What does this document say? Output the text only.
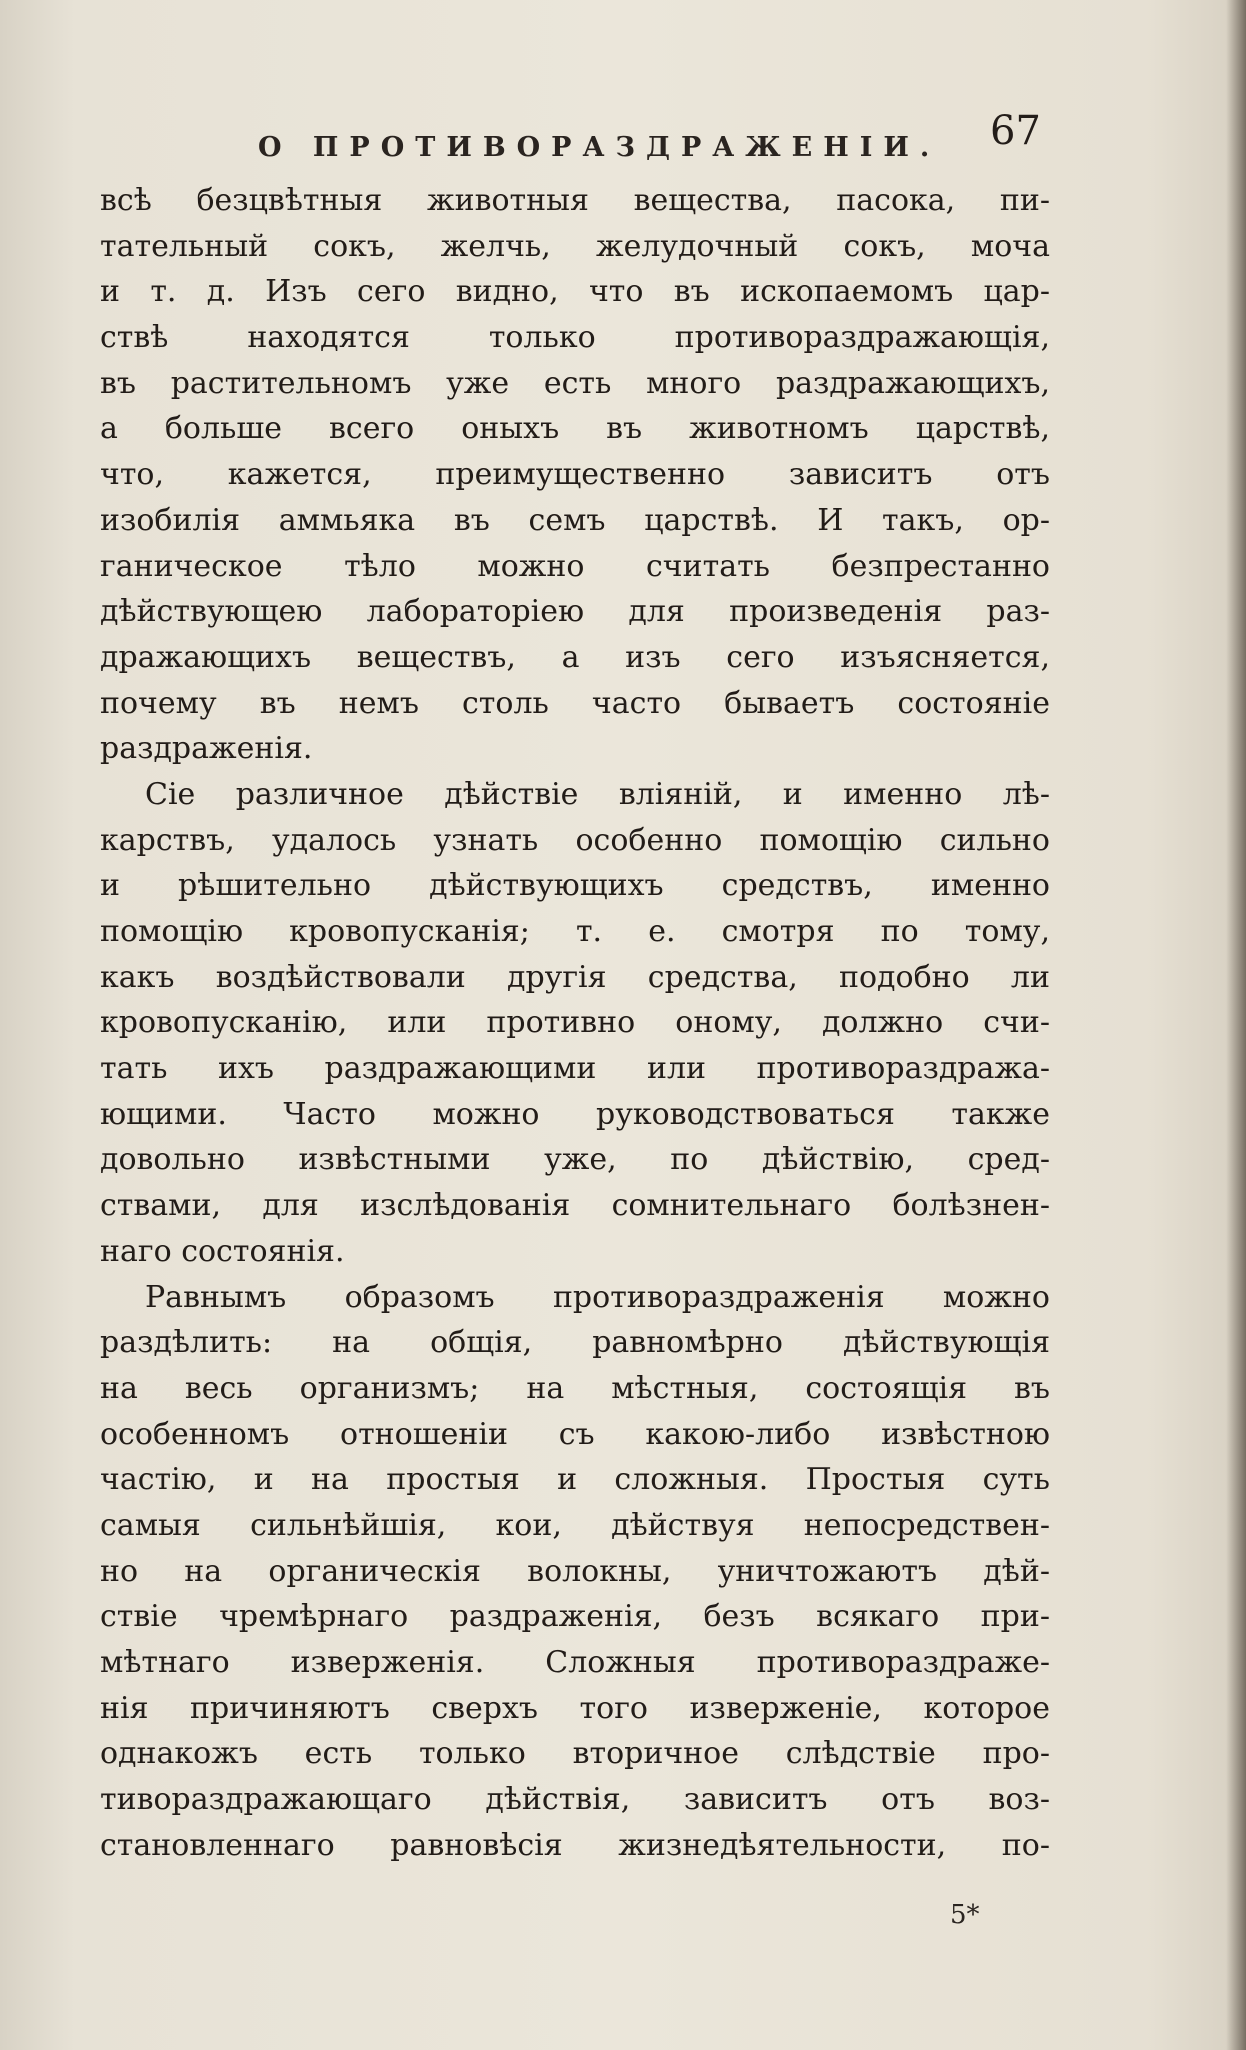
О ПРОТИВОРАЗДРАЖЕНІИ. 67
всѣ безцвѣтныя животныя вещества, пасока, пи-
тательный сокъ, желчь, желудочный сокъ, моча
и т. д. Изъ сего видно, что въ ископаемомъ цар-
ствѣ находятся только противораздражающія,
въ растительномъ уже есть много раздражающихъ,
а больше всего оныхъ въ животномъ царствѣ,
что, кажется, преимущественно зависитъ отъ
изобилія аммьяка въ семъ царствѣ. И такъ, ор-
ганическое тѣло можно считать безпрестанно
дѣйствующею лабораторіею для произведенія раз-
дражающихъ веществъ, а изъ сего изъясняется,
почему въ немъ столь часто бываетъ состояніе
раздраженія.
Сіе различное дѣйствіе вліяній, и именно лѣ-
карствъ, удалось узнать особенно помощію сильно
и рѣшительно дѣйствующихъ средствъ, именно
помощію кровопусканія; т. е. смотря по тому,
какъ воздѣйствовали другія средства, подобно ли
кровопусканію, или противно оному, должно счи-
тать ихъ раздражающими или противораздража-
ющими. Часто можно руководствоваться также
довольно извѣстными уже, по дѣйствію, сред-
ствами, для изслѣдованія сомнительнаго болѣзнен-
наго состоянія.
Равнымъ образомъ противораздраженія можно
раздѣлить: на общія, равномѣрно дѣйствующія
на весь организмъ; на мѣстныя, состоящія въ
особенномъ отношеніи съ какою-либо извѣстною
частію, и на простыя и сложныя. Простыя суть
самыя сильнѣйшія, кои, дѣйствуя непосредствен-
но на органическія волокны, уничтожаютъ дѣй-
ствіе чремѣрнаго раздраженія, безъ всякаго при-
мѣтнаго изверженія. Сложныя противораздраже-
нія причиняютъ сверхъ того изверженіе, которое
однакожъ есть только вторичное слѣдствіе про-
тивораздражающаго дѣйствія, зависитъ отъ воз-
становленнаго равновѣсія жизнедѣятельности, по-
5*
